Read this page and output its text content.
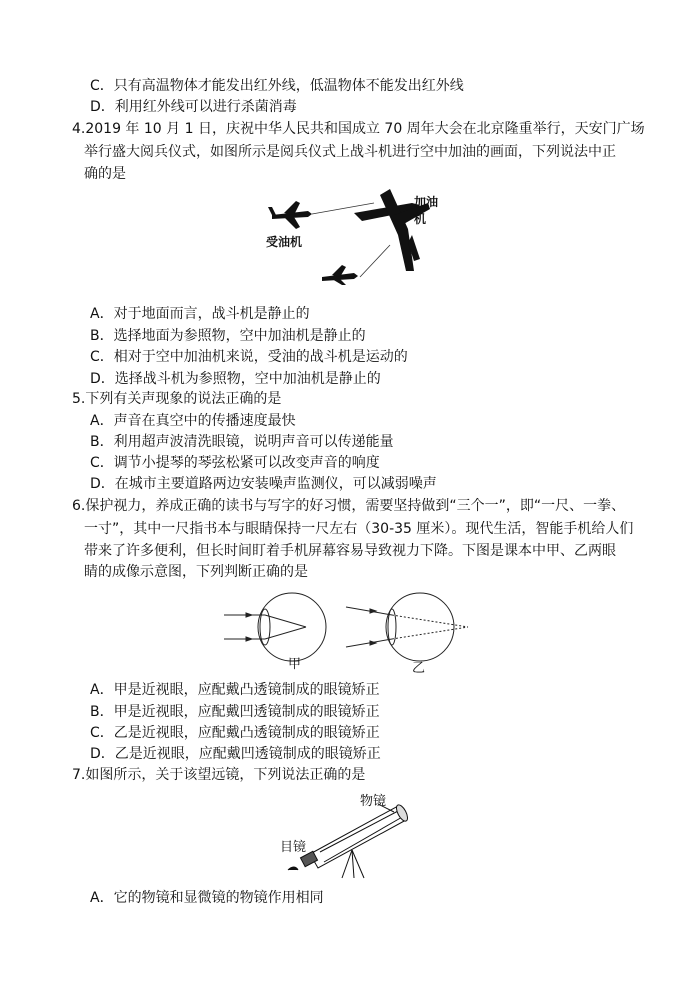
C．只有高温物体才能发出红外线，低温物体不能发出红外线
D．利用红外线可以进行杀菌消毒
4.2019 年 10 月 1 日，庆祝中华人民共和国成立 70 周年大会在北京隆重举行，天安门广场
举行盛大阅兵仪式，如图所示是阅兵仪式上战斗机进行空中加油的画面，下列说法中正
确的是
加油机
受油机
A．对于地面而言，战斗机是静止的
B．选择地面为参照物，空中加油机是静止的
C．相对于空中加油机来说，受油的战斗机是运动的
D．选择战斗机为参照物，空中加油机是静止的
5.下列有关声现象的说法正确的是
A．声音在真空中的传播速度最快
B．利用超声波清洗眼镜，说明声音可以传递能量
C．调节小提琴的琴弦松紧可以改变声音的响度
D．在城市主要道路两边安装噪声监测仪，可以减弱噪声
6.保护视力，养成正确的读书与写字的好习惯，需要坚持做到“三个一”，即“一尺、一拳、
一寸”，其中一尺指书本与眼睛保持一尺左右（30-35 厘米）。现代生活，智能手机给人们
带来了许多便利，但长时间盯着手机屏幕容易导致视力下降。下图是课本中甲、乙两眼
睛的成像示意图，下列判断正确的是
甲	乙
A．甲是近视眼，应配戴凸透镜制成的眼镜矫正
B．甲是近视眼，应配戴凹透镜制成的眼镜矫正
C．乙是近视眼，应配戴凸透镜制成的眼镜矫正
D．乙是近视眼，应配戴凹透镜制成的眼镜矫正
7.如图所示，关于该望远镜，下列说法正确的是
物镜
目镜
A．它的物镜和显微镜的物镜作用相同
